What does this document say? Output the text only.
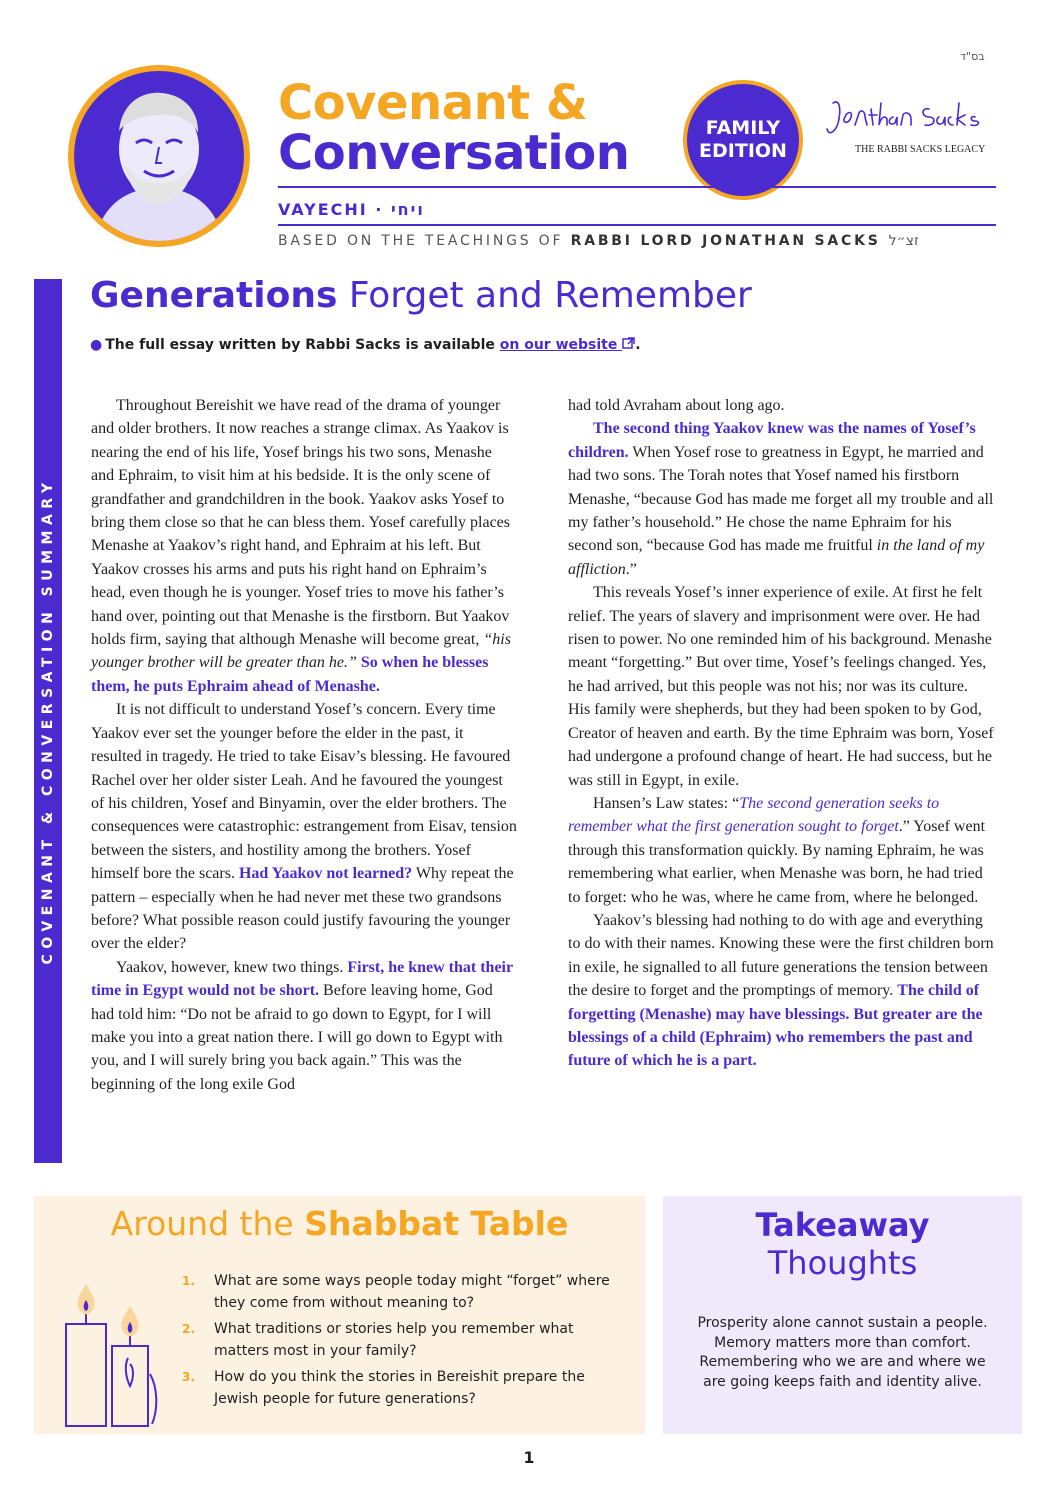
בס"ד
Covenant &
Conversation	FAMILY
EDITION	THE RABBI SACKS LEGACY
VAYECHI · ויחי
BASED ON THE TEACHINGS OF RABBI LORD JONATHAN SACKS זצ״ל
COVENANT & CONVERSATION SUMMARY
Generations Forget and Remember
● The full essay written by Rabbi Sacks is available on our website .

Throughout Bereishit we have read of the drama of younger and older brothers. It now reaches a strange climax. As Yaakov is nearing the end of his life, Yosef brings his two sons, Menashe and Ephraim, to visit him at his bedside. It is the only scene of grandfather and grandchildren in the book. Yaakov asks Yosef to bring them close so that he can bless them. Yosef carefully places Menashe at Yaakov’s right hand, and Ephraim at his left. But Yaakov crosses his arms and puts his right hand on Ephraim’s head, even though he is younger. Yosef tries to move his father’s hand over, pointing out that Menashe is the firstborn. But Yaakov holds firm, saying that although Menashe will become great, “his younger brother will be greater than he.” So when he blesses them, he puts Ephraim ahead of Menashe.

It is not difficult to understand Yosef’s concern. Every time Yaakov ever set the younger before the elder in the past, it resulted in tragedy. He tried to take Eisav’s blessing. He favoured Rachel over her older sister Leah. And he favoured the youngest of his children, Yosef and Binyamin, over the elder brothers. The consequences were catastrophic: estrangement from Eisav, tension between the sisters, and hostility among the brothers. Yosef himself bore the scars. Had Yaakov not learned? Why repeat the pattern – especially when he had never met these two grandsons before? What possible reason could justify favouring the younger over the elder?

Yaakov, however, knew two things. First, he knew that their time in Egypt would not be short. Before leaving home, God had told him: “Do not be afraid to go down to Egypt, for I will make you into a great nation there. I will go down to Egypt with you, and I will surely bring you back again.” This was the beginning of the long exile God

had told Avraham about long ago.

The second thing Yaakov knew was the names of Yosef’s children. When Yosef rose to greatness in Egypt, he married and had two sons. The Torah notes that Yosef named his firstborn Menashe, “because God has made me forget all my trouble and all my father’s household.” He chose the name Ephraim for his second son, “because God has made me fruitful in the land of my affliction.”

This reveals Yosef’s inner experience of exile. At first he felt relief. The years of slavery and imprisonment were over. He had risen to power. No one reminded him of his background. Menashe meant “forgetting.” But over time, Yosef’s feelings changed. Yes, he had arrived, but this people was not his; nor was its culture. His family were shepherds, but they had been spoken to by God, Creator of heaven and earth. By the time Ephraim was born, Yosef had undergone a profound change of heart. He had success, but he was still in Egypt, in exile.

Hansen’s Law states: “The second generation seeks to remember what the first generation sought to forget.” Yosef went through this transformation quickly. By naming Ephraim, he was remembering what earlier, when Menashe was born, he had tried to forget: who he was, where he came from, where he belonged.

Yaakov’s blessing had nothing to do with age and everything to do with their names. Knowing these were the first children born in exile, he signalled to all future generations the tension between the desire to forget and the promptings of memory. The child of forgetting (Menashe) may have blessings. But greater are the blessings of a child (Ephraim) who remembers the past and future of which he is a part.

Around the Shabbat Table
1. What are some ways people today might “forget” where they come from without meaning to?
2. What traditions or stories help you remember what matters most in your family?
3. How do you think the stories in Bereishit prepare the Jewish people for future generations?
Takeaway
Thoughts
Prosperity alone cannot sustain a people. Memory matters more than comfort. Remembering who we are and where we are going keeps faith and identity alive.
1
